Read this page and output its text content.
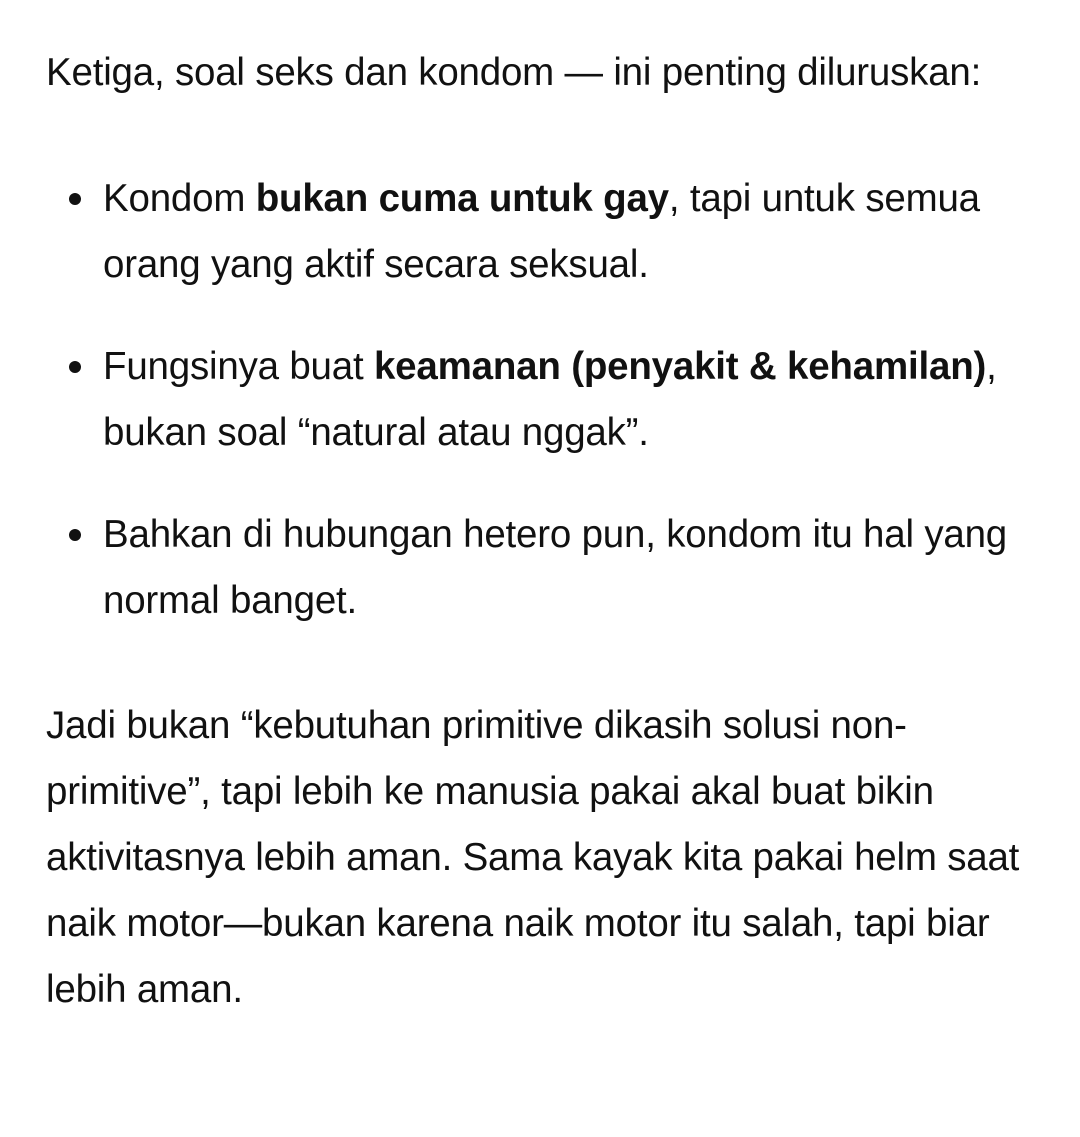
Ketiga, soal seks dan kondom — ini penting diluruskan:

Kondom bukan cuma untuk gay, tapi untuk semua orang yang aktif secara seksual.
Fungsinya buat keamanan (penyakit & kehamilan), bukan soal “natural atau nggak”.
Bahkan di hubungan hetero pun, kondom itu hal yang normal banget.

Jadi bukan “kebutuhan primitive dikasih solusi non-primitive”, tapi lebih ke manusia pakai akal buat bikin aktivitasnya lebih aman. Sama kayak kita pakai helm saat naik motor—bukan karena naik motor itu salah, tapi biar lebih aman.
